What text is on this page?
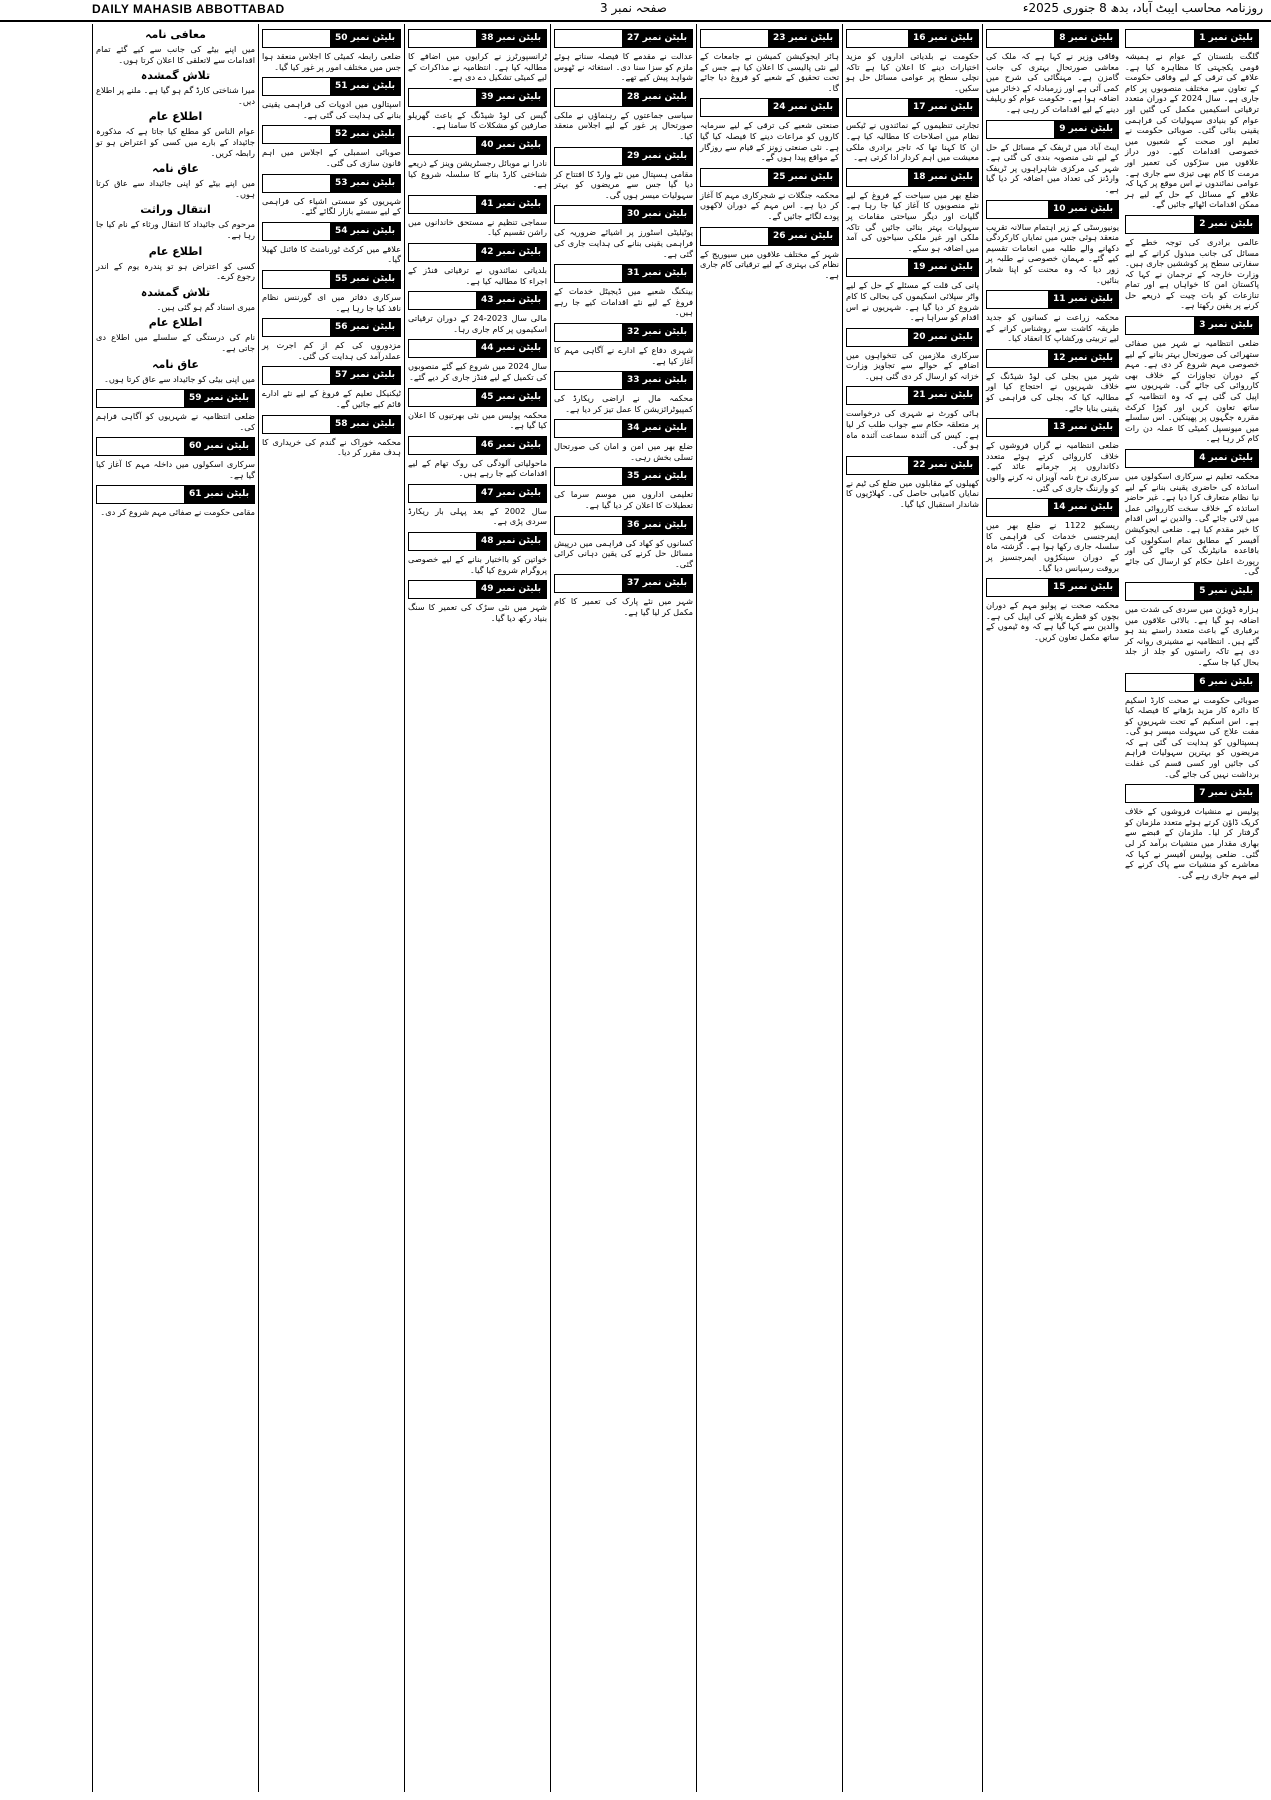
DAILY MAHASIB ABBOTTABAD	صفحہ نمبر 3	روزنامہ محاسب ایبٹ آباد، بدھ 8 جنوری 2025ء
بلیٹن نمبر 1
گلگت بلتستان کے عوام نے ہمیشہ قومی یکجہتی کا مظاہرہ کیا ہے۔ علاقے کی ترقی کے لیے وفاقی حکومت کے تعاون سے مختلف منصوبوں پر کام جاری ہے۔ سال 2024 کے دوران متعدد ترقیاتی اسکیمیں مکمل کی گئیں اور عوام کو بنیادی سہولیات کی فراہمی یقینی بنائی گئی۔ صوبائی حکومت نے تعلیم اور صحت کے شعبوں میں خصوصی اقدامات کیے۔ دور دراز علاقوں میں سڑکوں کی تعمیر اور مرمت کا کام بھی تیزی سے جاری ہے۔ عوامی نمائندوں نے اس موقع پر کہا کہ علاقے کے مسائل کے حل کے لیے ہر ممکن اقدامات اٹھائے جائیں گے۔
بلیٹن نمبر 2
عالمی برادری کی توجہ خطے کے مسائل کی جانب مبذول کرانے کے لیے سفارتی سطح پر کوششیں جاری ہیں۔ وزارت خارجہ کے ترجمان نے کہا کہ پاکستان امن کا خواہاں ہے اور تمام تنازعات کو بات چیت کے ذریعے حل کرنے پر یقین رکھتا ہے۔
بلیٹن نمبر 3
ضلعی انتظامیہ نے شہر میں صفائی ستھرائی کی صورتحال بہتر بنانے کے لیے خصوصی مہم شروع کر دی ہے۔ مہم کے دوران تجاوزات کے خلاف بھی کارروائی کی جائے گی۔ شہریوں سے اپیل کی گئی ہے کہ وہ انتظامیہ کے ساتھ تعاون کریں اور کوڑا کرکٹ مقررہ جگہوں پر پھینکیں۔ اس سلسلے میں میونسپل کمیٹی کا عملہ دن رات کام کر رہا ہے۔
بلیٹن نمبر 4
محکمہ تعلیم نے سرکاری اسکولوں میں اساتذہ کی حاضری یقینی بنانے کے لیے نیا نظام متعارف کرا دیا ہے۔ غیر حاضر اساتذہ کے خلاف سخت کارروائی عمل میں لائی جائے گی۔ والدین نے اس اقدام کا خیر مقدم کیا ہے۔ ضلعی ایجوکیشن آفیسر کے مطابق تمام اسکولوں کی باقاعدہ مانیٹرنگ کی جائے گی اور رپورٹ اعلیٰ حکام کو ارسال کی جائے گی۔
بلیٹن نمبر 5
ہزارہ ڈویژن میں سردی کی شدت میں اضافہ ہو گیا ہے۔ بالائی علاقوں میں برفباری کے باعث متعدد راستے بند ہو گئے ہیں۔ انتظامیہ نے مشینری روانہ کر دی ہے تاکہ راستوں کو جلد از جلد بحال کیا جا سکے۔
بلیٹن نمبر 6
صوبائی حکومت نے صحت کارڈ اسکیم کا دائرہ کار مزید بڑھانے کا فیصلہ کیا ہے۔ اس اسکیم کے تحت شہریوں کو مفت علاج کی سہولت میسر ہو گی۔ ہسپتالوں کو ہدایت کی گئی ہے کہ مریضوں کو بہترین سہولیات فراہم کی جائیں اور کسی قسم کی غفلت برداشت نہیں کی جائے گی۔
بلیٹن نمبر 7
پولیس نے منشیات فروشوں کے خلاف کریک ڈاؤن کرتے ہوئے متعدد ملزمان کو گرفتار کر لیا۔ ملزمان کے قبضے سے بھاری مقدار میں منشیات برآمد کر لی گئی۔ ضلعی پولیس آفیسر نے کہا کہ معاشرے کو منشیات سے پاک کرنے کے لیے مہم جاری رہے گی۔
بلیٹن نمبر 8
وفاقی وزیر نے کہا ہے کہ ملک کی معاشی صورتحال بہتری کی جانب گامزن ہے۔ مہنگائی کی شرح میں کمی آئی ہے اور زرمبادلہ کے ذخائر میں اضافہ ہوا ہے۔ حکومت عوام کو ریلیف دینے کے لیے اقدامات کر رہی ہے۔
بلیٹن نمبر 9
ایبٹ آباد میں ٹریفک کے مسائل کے حل کے لیے نئی منصوبہ بندی کی گئی ہے۔ شہر کی مرکزی شاہراہوں پر ٹریفک وارڈنز کی تعداد میں اضافہ کر دیا گیا ہے۔
بلیٹن نمبر 10
یونیورسٹی کے زیر اہتمام سالانہ تقریب منعقد ہوئی جس میں نمایاں کارکردگی دکھانے والے طلبہ میں انعامات تقسیم کیے گئے۔ مہمان خصوصی نے طلبہ پر زور دیا کہ وہ محنت کو اپنا شعار بنائیں۔
بلیٹن نمبر 11
محکمہ زراعت نے کسانوں کو جدید طریقہ کاشت سے روشناس کرانے کے لیے تربیتی ورکشاپ کا انعقاد کیا۔
بلیٹن نمبر 12
شہر میں بجلی کی لوڈ شیڈنگ کے خلاف شہریوں نے احتجاج کیا اور مطالبہ کیا کہ بجلی کی فراہمی کو یقینی بنایا جائے۔
بلیٹن نمبر 13
ضلعی انتظامیہ نے گراں فروشوں کے خلاف کارروائی کرتے ہوئے متعدد دکانداروں پر جرمانے عائد کیے۔ سرکاری نرخ نامہ آویزاں نہ کرنے والوں کو وارننگ جاری کی گئی۔
بلیٹن نمبر 14
ریسکیو 1122 نے ضلع بھر میں ایمرجنسی خدمات کی فراہمی کا سلسلہ جاری رکھا ہوا ہے۔ گزشتہ ماہ کے دوران سینکڑوں ایمرجنسیز پر بروقت رسپانس دیا گیا۔
بلیٹن نمبر 15
محکمہ صحت نے پولیو مہم کے دوران بچوں کو قطرے پلانے کی اپیل کی ہے۔ والدین سے کہا گیا ہے کہ وہ ٹیموں کے ساتھ مکمل تعاون کریں۔
بلیٹن نمبر 16
حکومت نے بلدیاتی اداروں کو مزید اختیارات دینے کا اعلان کیا ہے تاکہ نچلی سطح پر عوامی مسائل حل ہو سکیں۔
بلیٹن نمبر 17
تجارتی تنظیموں کے نمائندوں نے ٹیکس نظام میں اصلاحات کا مطالبہ کیا ہے۔ ان کا کہنا تھا کہ تاجر برادری ملکی معیشت میں اہم کردار ادا کرتی ہے۔
بلیٹن نمبر 18
ضلع بھر میں سیاحت کے فروغ کے لیے نئے منصوبوں کا آغاز کیا جا رہا ہے۔ گلیات اور دیگر سیاحتی مقامات پر سہولیات بہتر بنائی جائیں گی تاکہ ملکی اور غیر ملکی سیاحوں کی آمد میں اضافہ ہو سکے۔
بلیٹن نمبر 19
پانی کی قلت کے مسئلے کے حل کے لیے واٹر سپلائی اسکیموں کی بحالی کا کام شروع کر دیا گیا ہے۔ شہریوں نے اس اقدام کو سراہا ہے۔
بلیٹن نمبر 20
سرکاری ملازمین کی تنخواہوں میں اضافے کے حوالے سے تجاویز وزارت خزانہ کو ارسال کر دی گئی ہیں۔
بلیٹن نمبر 21
ہائی کورٹ نے شہری کی درخواست پر متعلقہ حکام سے جواب طلب کر لیا ہے۔ کیس کی آئندہ سماعت آئندہ ماہ ہو گی۔
بلیٹن نمبر 22
کھیلوں کے مقابلوں میں ضلع کی ٹیم نے نمایاں کامیابی حاصل کی۔ کھلاڑیوں کا شاندار استقبال کیا گیا۔
بلیٹن نمبر 23
ہائر ایجوکیشن کمیشن نے جامعات کے لیے نئی پالیسی کا اعلان کیا ہے جس کے تحت تحقیق کے شعبے کو فروغ دیا جائے گا۔
بلیٹن نمبر 24
صنعتی شعبے کی ترقی کے لیے سرمایہ کاروں کو مراعات دینے کا فیصلہ کیا گیا ہے۔ نئی صنعتی زونز کے قیام سے روزگار کے مواقع پیدا ہوں گے۔
بلیٹن نمبر 25
محکمہ جنگلات نے شجرکاری مہم کا آغاز کر دیا ہے۔ اس مہم کے دوران لاکھوں پودے لگائے جائیں گے۔
بلیٹن نمبر 26
شہر کے مختلف علاقوں میں سیوریج کے نظام کی بہتری کے لیے ترقیاتی کام جاری ہے۔
بلیٹن نمبر 27
عدالت نے مقدمے کا فیصلہ سناتے ہوئے ملزم کو سزا سنا دی۔ استغاثہ نے ٹھوس شواہد پیش کیے تھے۔
بلیٹن نمبر 28
سیاسی جماعتوں کے رہنماؤں نے ملکی صورتحال پر غور کے لیے اجلاس منعقد کیا۔
بلیٹن نمبر 29
مقامی ہسپتال میں نئے وارڈ کا افتتاح کر دیا گیا جس سے مریضوں کو بہتر سہولیات میسر ہوں گی۔
بلیٹن نمبر 30
یوٹیلیٹی اسٹورز پر اشیائے ضروریہ کی فراہمی یقینی بنانے کی ہدایت جاری کی گئی ہے۔
بلیٹن نمبر 31
بینکنگ شعبے میں ڈیجیٹل خدمات کے فروغ کے لیے نئے اقدامات کیے جا رہے ہیں۔
بلیٹن نمبر 32
شہری دفاع کے ادارے نے آگاہی مہم کا آغاز کیا ہے۔
بلیٹن نمبر 33
محکمہ مال نے اراضی ریکارڈ کی کمپیوٹرائزیشن کا عمل تیز کر دیا ہے۔
بلیٹن نمبر 34
ضلع بھر میں امن و امان کی صورتحال تسلی بخش رہی۔
بلیٹن نمبر 35
تعلیمی اداروں میں موسم سرما کی تعطیلات کا اعلان کر دیا گیا ہے۔
بلیٹن نمبر 36
کسانوں کو کھاد کی فراہمی میں درپیش مسائل حل کرنے کی یقین دہانی کرائی گئی۔
بلیٹن نمبر 37
شہر میں نئے پارک کی تعمیر کا کام مکمل کر لیا گیا ہے۔
بلیٹن نمبر 38
ٹرانسپورٹرز نے کرایوں میں اضافے کا مطالبہ کیا ہے۔ انتظامیہ نے مذاکرات کے لیے کمیٹی تشکیل دے دی ہے۔
بلیٹن نمبر 39
گیس کی لوڈ شیڈنگ کے باعث گھریلو صارفین کو مشکلات کا سامنا ہے۔
بلیٹن نمبر 40
نادرا نے موبائل رجسٹریشن وینز کے ذریعے شناختی کارڈ بنانے کا سلسلہ شروع کیا ہے۔
بلیٹن نمبر 41
سماجی تنظیم نے مستحق خاندانوں میں راشن تقسیم کیا۔
بلیٹن نمبر 42
بلدیاتی نمائندوں نے ترقیاتی فنڈز کے اجراء کا مطالبہ کیا ہے۔
بلیٹن نمبر 43
مالی سال 2023-24 کے دوران ترقیاتی اسکیموں پر کام جاری رہا۔
بلیٹن نمبر 44
سال 2024 میں شروع کیے گئے منصوبوں کی تکمیل کے لیے فنڈز جاری کر دیے گئے۔
بلیٹن نمبر 45
محکمہ پولیس میں نئی بھرتیوں کا اعلان کیا گیا ہے۔
بلیٹن نمبر 46
ماحولیاتی آلودگی کی روک تھام کے لیے اقدامات کیے جا رہے ہیں۔
بلیٹن نمبر 47
سال 2002 کے بعد پہلی بار ریکارڈ سردی پڑی ہے۔
بلیٹن نمبر 48
خواتین کو بااختیار بنانے کے لیے خصوصی پروگرام شروع کیا گیا۔
بلیٹن نمبر 49
شہر میں نئی سڑک کی تعمیر کا سنگ بنیاد رکھ دیا گیا۔
بلیٹن نمبر 50
ضلعی رابطہ کمیٹی کا اجلاس منعقد ہوا جس میں مختلف امور پر غور کیا گیا۔
بلیٹن نمبر 51
اسپتالوں میں ادویات کی فراہمی یقینی بنانے کی ہدایت کی گئی ہے۔
بلیٹن نمبر 52
صوبائی اسمبلی کے اجلاس میں اہم قانون سازی کی گئی۔
بلیٹن نمبر 53
شہریوں کو سستی اشیاء کی فراہمی کے لیے سستے بازار لگائے گئے۔
بلیٹن نمبر 54
علاقے میں کرکٹ ٹورنامنٹ کا فائنل کھیلا گیا۔
بلیٹن نمبر 55
سرکاری دفاتر میں ای گورننس نظام نافذ کیا جا رہا ہے۔
بلیٹن نمبر 56
مزدوروں کی کم از کم اجرت پر عملدرآمد کی ہدایت کی گئی۔
بلیٹن نمبر 57
ٹیکنیکل تعلیم کے فروغ کے لیے نئے ادارے قائم کیے جائیں گے۔
بلیٹن نمبر 58
محکمہ خوراک نے گندم کی خریداری کا ہدف مقرر کر دیا۔
معافی نامہ
میں اپنے بیٹے کی جانب سے کیے گئے تمام اقدامات سے لاتعلقی کا اعلان کرتا ہوں۔
تلاش گمشدہ
میرا شناختی کارڈ گم ہو گیا ہے۔ ملنے پر اطلاع دیں۔
اطلاع عام
عوام الناس کو مطلع کیا جاتا ہے کہ مذکورہ جائیداد کے بارے میں کسی کو اعتراض ہو تو رابطہ کریں۔
عاق نامہ
میں اپنے بیٹے کو اپنی جائیداد سے عاق کرتا ہوں۔
انتقال وراثت
مرحوم کی جائیداد کا انتقال ورثاء کے نام کیا جا رہا ہے۔
اطلاع عام
کسی کو اعتراض ہو تو پندرہ یوم کے اندر رجوع کرے۔
تلاش گمشدہ
میری اسناد گم ہو گئی ہیں۔
اطلاع عام
نام کی درستگی کے سلسلے میں اطلاع دی جاتی ہے۔
عاق نامہ
میں اپنی بیٹی کو جائیداد سے عاق کرتا ہوں۔
بلیٹن نمبر 59
ضلعی انتظامیہ نے شہریوں کو آگاہی فراہم کی۔
بلیٹن نمبر 60
سرکاری اسکولوں میں داخلہ مہم کا آغاز کیا گیا ہے۔
بلیٹن نمبر 61
مقامی حکومت نے صفائی مہم شروع کر دی۔
